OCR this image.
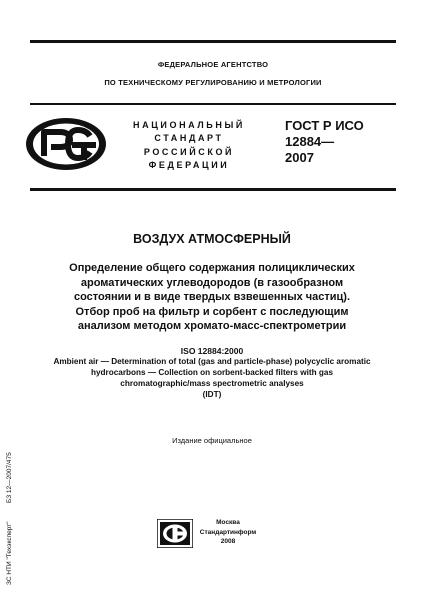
ФЕДЕРАЛЬНОЕ АГЕНТСТВО
ПО ТЕХНИЧЕСКОМУ РЕГУЛИРОВАНИЮ И МЕТРОЛОГИИ
НАЦИОНАЛЬНЫЙ
СТАНДАРТ
РОССИЙСКОЙ
ФЕДЕРАЦИИ
ГОСТ Р ИСО
12884—
2007
ВОЗДУХ АТМОСФЕРНЫЙ
Определение общего содержания полициклических
ароматических углеводородов (в газообразном
состоянии и в виде твердых взвешенных частиц).
Отбор проб на фильтр и сорбент с последующим
анализом методом хромато-масс-спектрометрии
ISO 12884:2000
Ambient air — Determination of total (gas and particle-phase) polycyclic aromatic
hydrocarbons — Collection on sorbent-backed filters with gas
chromatographic/mass spectrometric analyses
(IDT)
Издание официальное
БЗ 12—2007/475
ЗС НТИ "Техэксперт"	Москва
Стандартинформ
2008
